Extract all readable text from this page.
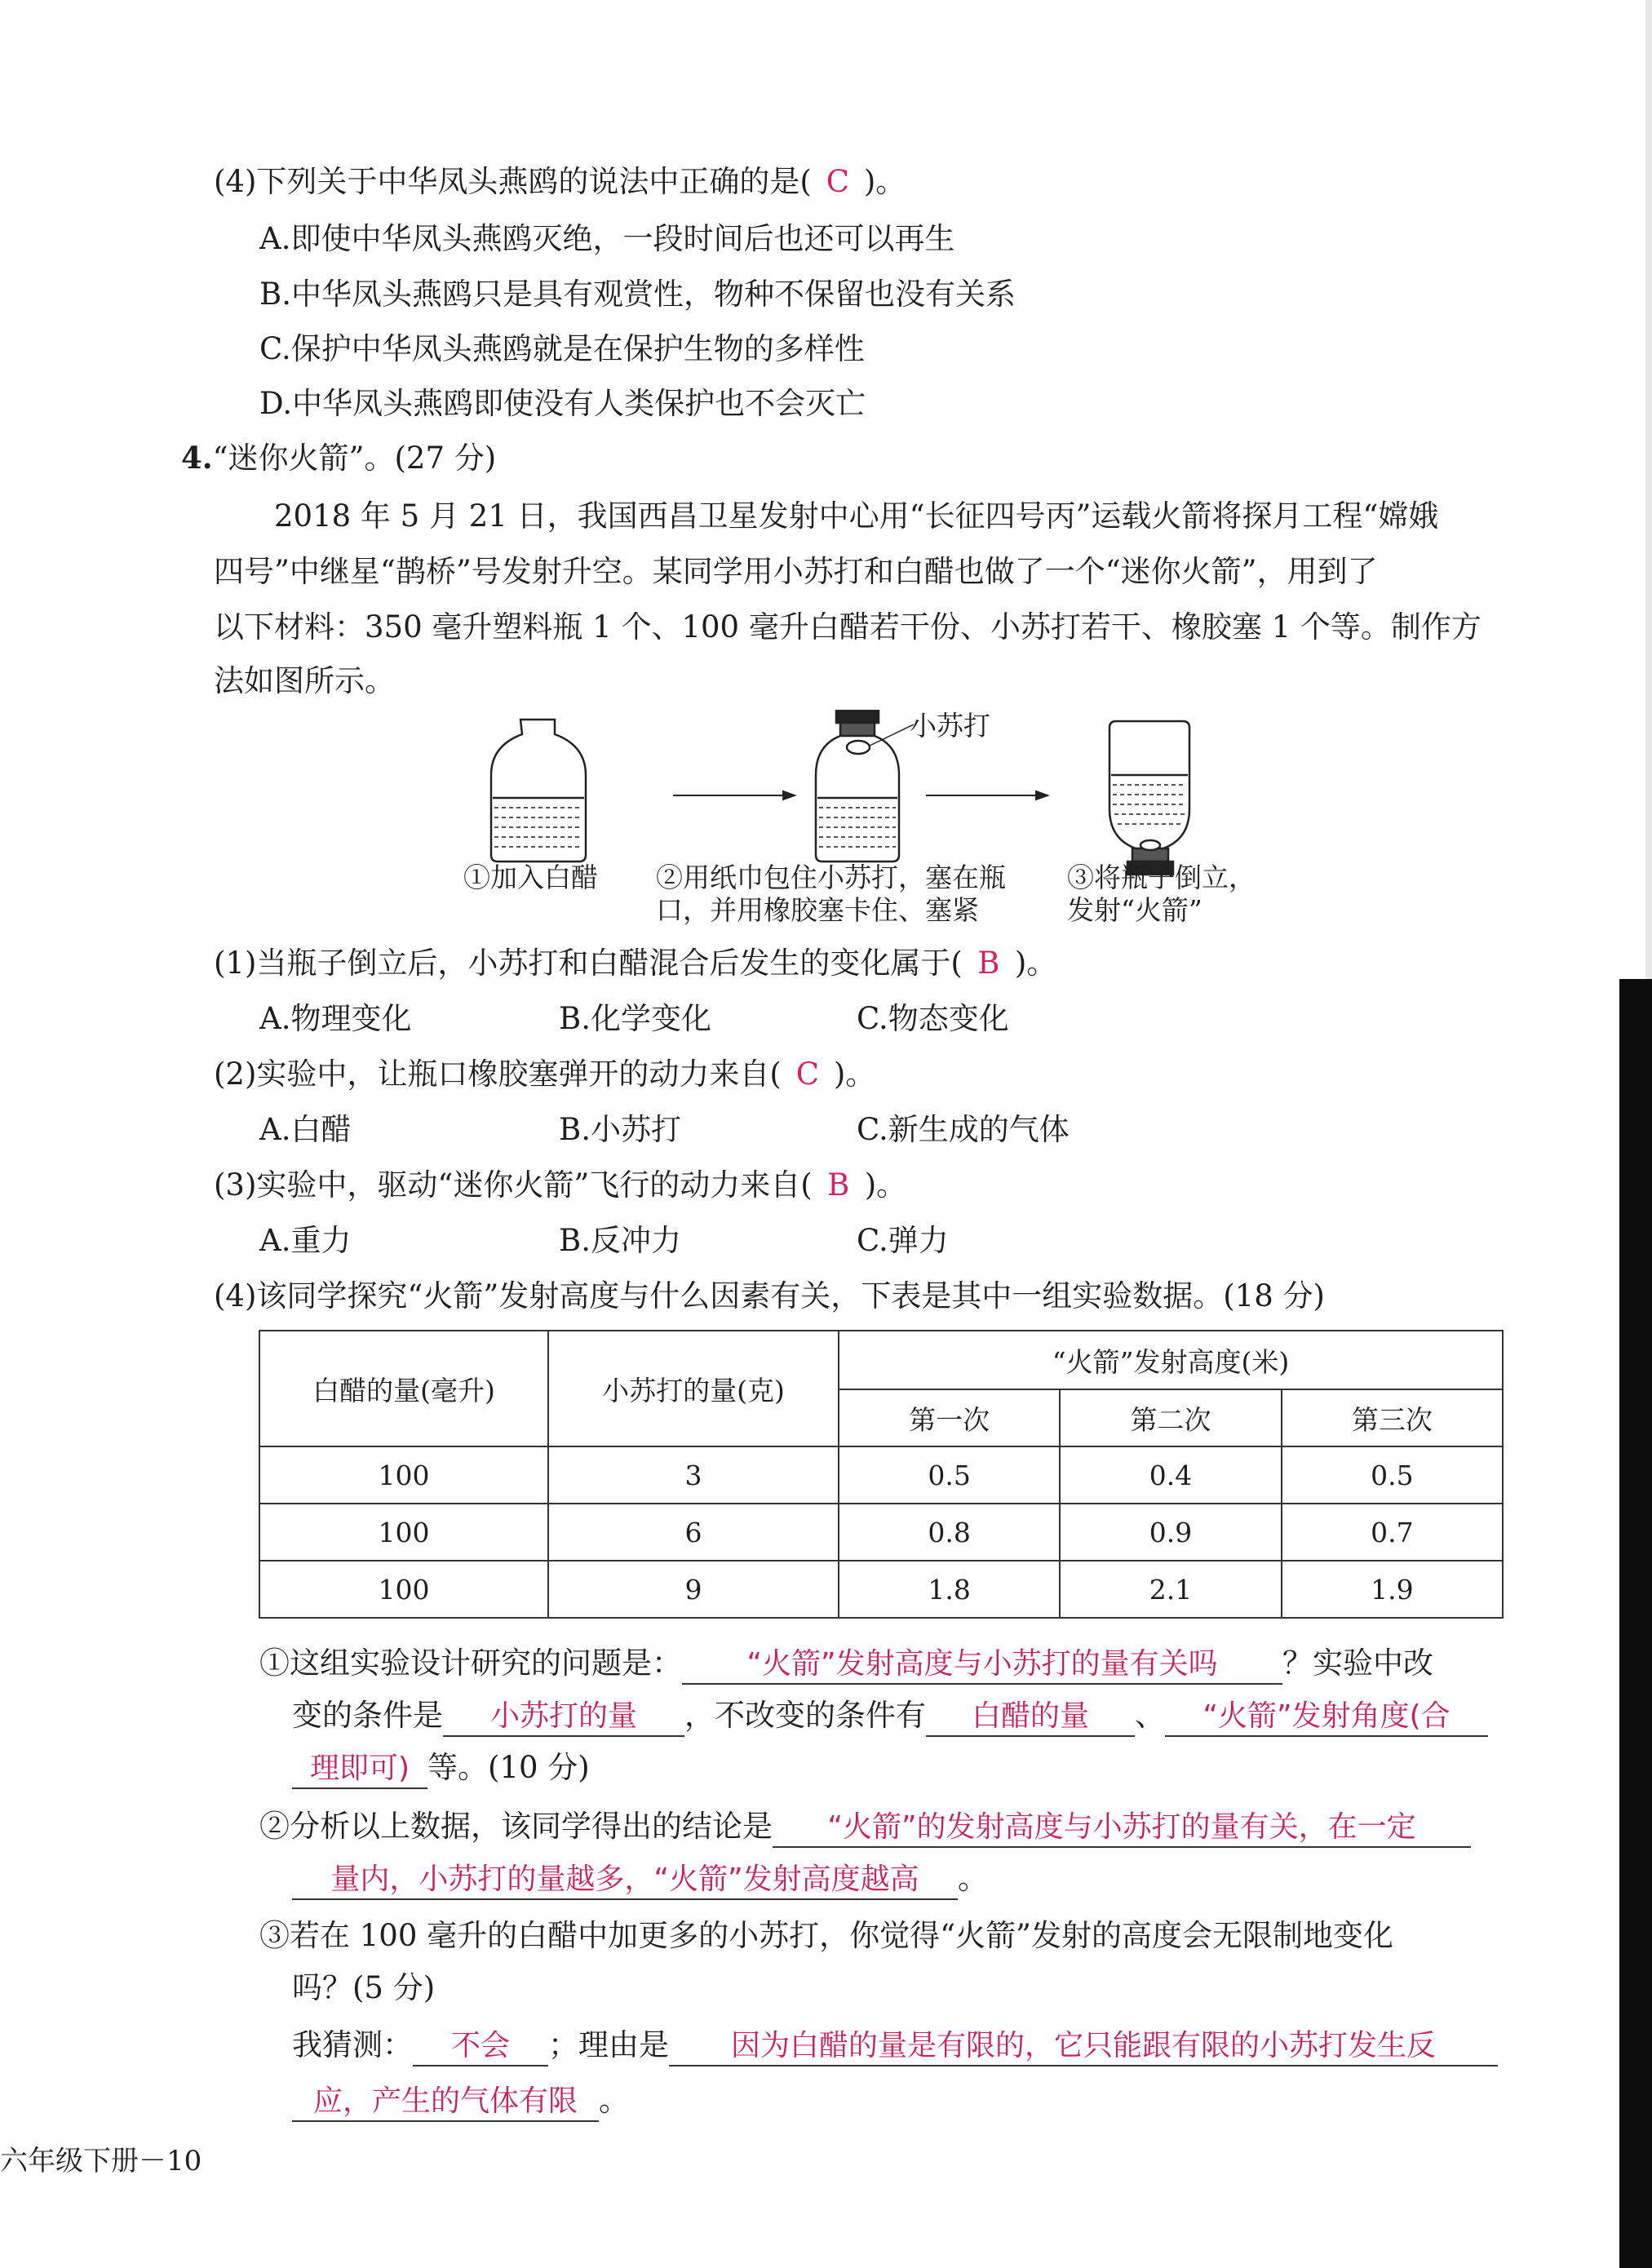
(4)下列关于中华凤头燕鸥的说法中正确的是( C )。
A.即使中华凤头燕鸥灭绝，一段时间后也还可以再生
B.中华凤头燕鸥只是具有观赏性，物种不保留也没有关系
C.保护中华凤头燕鸥就是在保护生物的多样性
D.中华凤头燕鸥即使没有人类保护也不会灭亡
4.“迷你火箭”。(27 分)
2018 年 5 月 21 日，我国西昌卫星发射中心用“长征四号丙”运载火箭将探月工程“嫦娥
四号”中继星“鹊桥”号发射升空。某同学用小苏打和白醋也做了一个“迷你火箭”，用到了
以下材料：350 毫升塑料瓶 1 个、100 毫升白醋若干份、小苏打若干、橡胶塞 1 个等。制作方
法如图所示。
小苏打
①加入白醋 ②用纸巾包住小苏打，塞在瓶
口，并用橡胶塞卡住、塞紧
③将瓶子倒立，
发射“火箭”
(1)当瓶子倒立后，小苏打和白醋混合后发生的变化属于( B )。
A.物理变化	B.化学变化	C.物态变化
(2)实验中，让瓶口橡胶塞弹开的动力来自( C )。
A.白醋	B.小苏打	C.新生成的气体
(3)实验中，驱动“迷你火箭”飞行的动力来自( B )。
A.重力	B.反冲力	C.弹力
(4)该同学探究“火箭”发射高度与什么因素有关，下表是其中一组实验数据。(18 分)
白醋的量(毫升)	小苏打的量(克)	“火箭”发射高度(米)		
		第一次	第二次	第三次
100	3	0.5	0.4	0.5
100	6	0.8	0.9	0.7
100	9	1.8	2.1	1.9
①这组实验设计研究的问题是： “火箭”发射高度与小苏打的量有关吗 ？实验中改
变的条件是 小苏打的量 ，不改变的条件有 白醋的量 、 “火箭”发射角度(合
理即可) 等。(10 分)
②分析以上数据，该同学得出的结论是 “火箭”的发射高度与小苏打的量有关，在一定
量内，小苏打的量越多，“火箭”发射高度越高 。
③若在 100 毫升的白醋中加更多的小苏打，你觉得“火箭”发射的高度会无限制地变化
吗？(5 分)
我猜测： 不会 ；理由是 因为白醋的量是有限的，它只能跟有限的小苏打发生反
应，产生的气体有限 。
六年级下册－10
